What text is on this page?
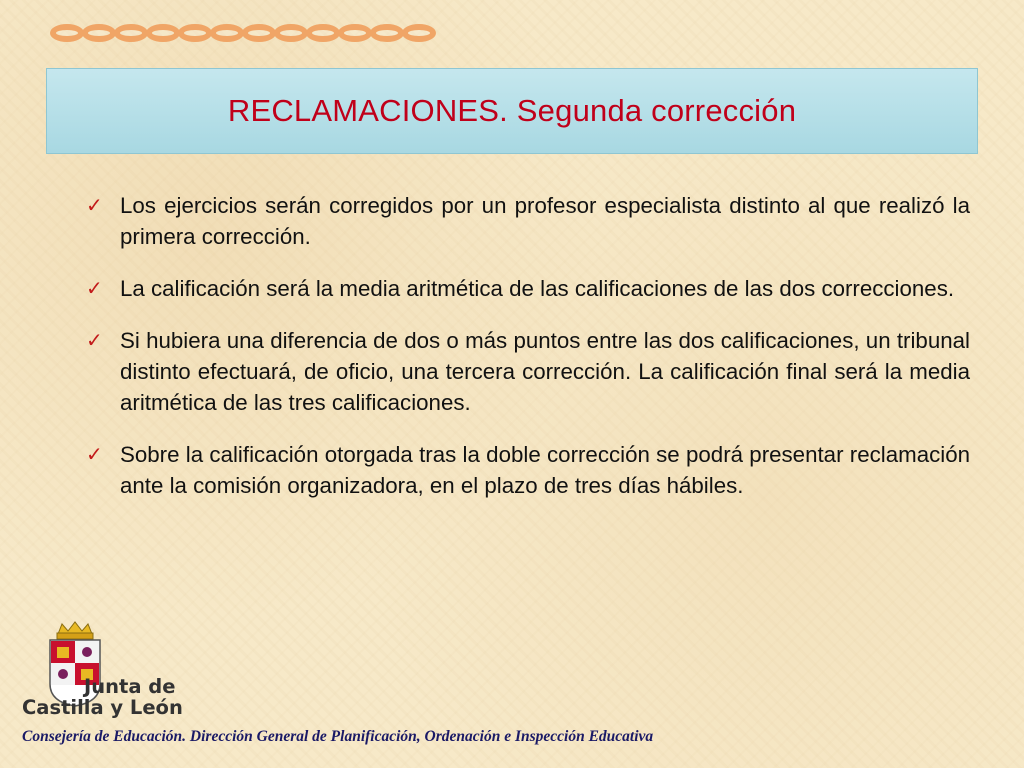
RECLAMACIONES. Segunda corrección
✓ Los ejercicios serán corregidos por un profesor especialista distinto al que realizó la primera corrección.
✓ La calificación será la media aritmética de las calificaciones de las dos correcciones.
✓ Si hubiera una diferencia de dos o más puntos entre las dos calificaciones, un tribunal distinto efectuará, de oficio, una tercera corrección. La calificación final será la media aritmética de las tres calificaciones.
✓ Sobre la calificación otorgada tras la doble corrección se podrá presentar reclamación ante la comisión organizadora, en el plazo de tres días hábiles.
Junta de
Castilla y León
Consejería de Educación. Dirección General de Planificación, Ordenación e Inspección Educativa
